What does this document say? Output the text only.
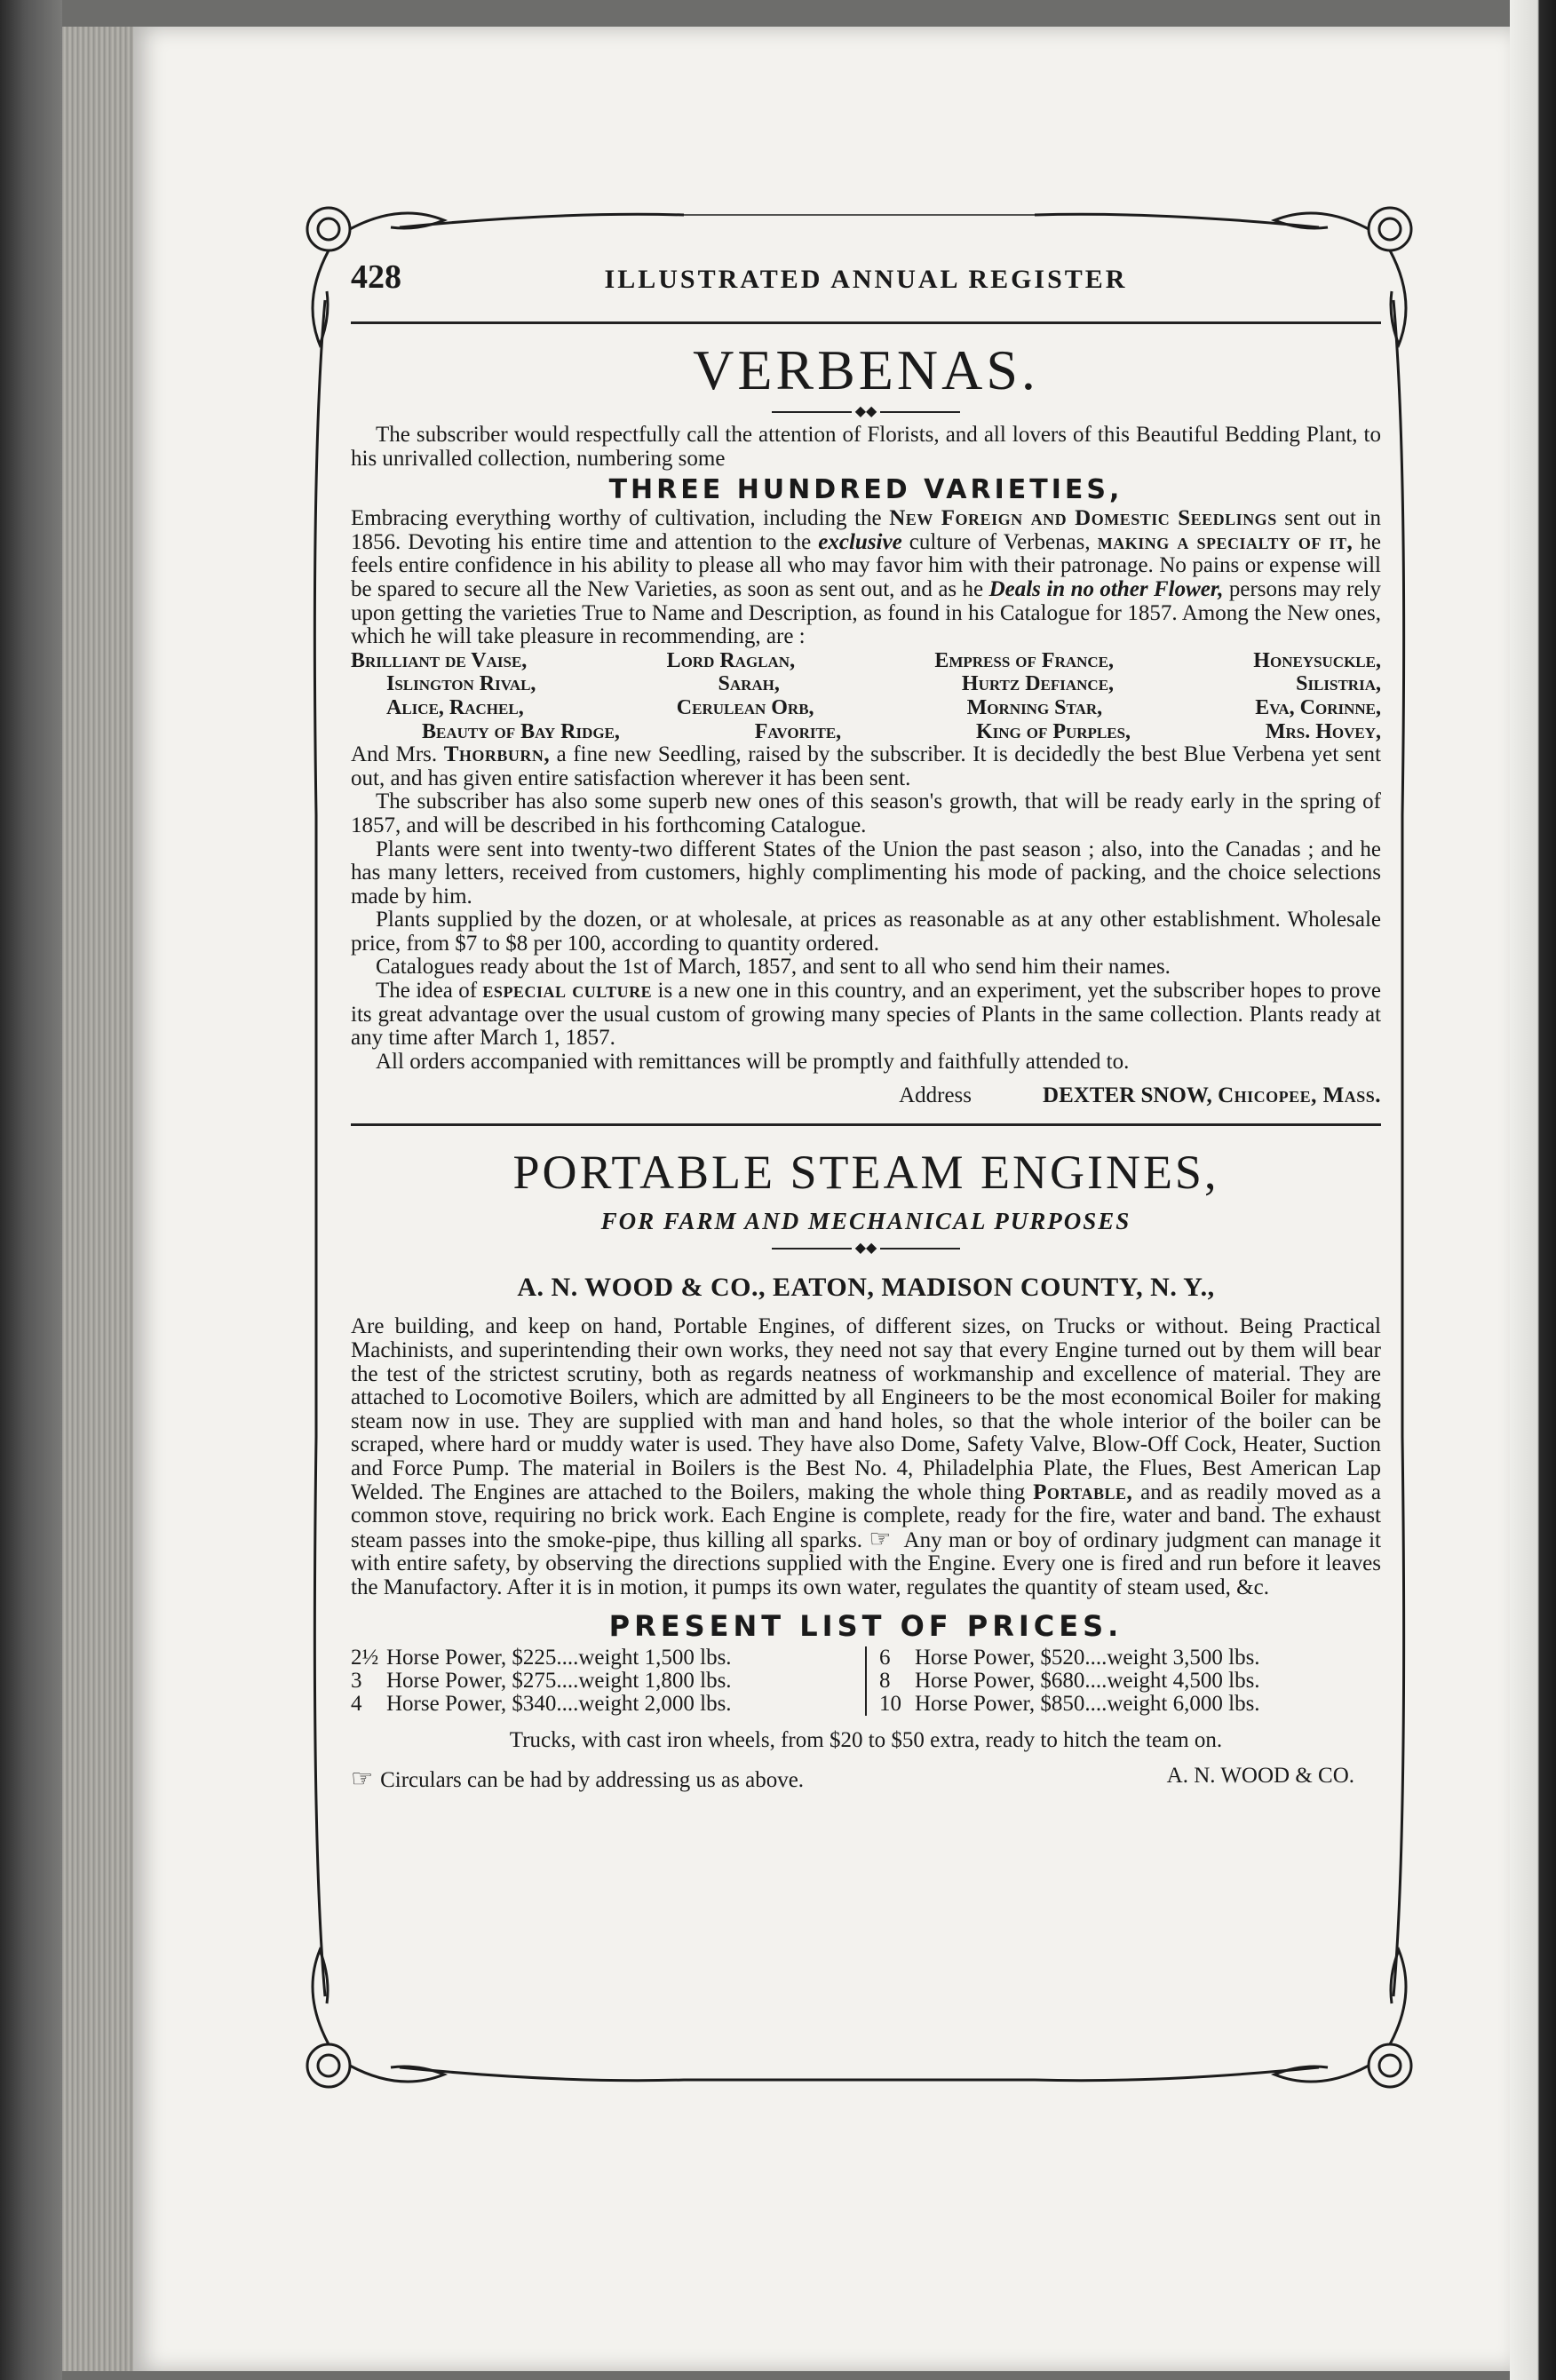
428	ILLUSTRATED ANNUAL REGISTER
VERBENAS.
◆◆

The subscriber would respectfully call the attention of Florists, and all lovers of this Beautiful Bedding Plant, to his unrivalled collection, numbering some

THREE HUNDRED VARIETIES,

Embracing everything worthy of cultivation, including the New Foreign and Domestic Seedlings sent out in 1856. Devoting his entire time and attention to the exclusive culture of Verbenas, making a specialty of it, he feels entire confidence in his ability to please all who may favor him with their patronage. No pains or expense will be spared to secure all the New Varieties, as soon as sent out, and as he Deals in no other Flower, persons may rely upon getting the varieties True to Name and Description, as found in his Catalogue for 1857. Among the New ones, which he will take pleasure in recommending, are :

Brilliant de Vaise,	Lord Raglan,	Empress of France,	Honeysuckle,
Islington Rival,	Sarah,	Hurtz Defiance,	Silistria,
Alice, Rachel,	Cerulean Orb,	Morning Star,	Eva, Corinne,
Beauty of Bay Ridge,	Favorite,	King of Purples,	Mrs. Hovey,

And Mrs. Thorburn, a fine new Seedling, raised by the subscriber. It is decidedly the best Blue Verbena yet sent out, and has given entire satisfaction wherever it has been sent.

The subscriber has also some superb new ones of this season's growth, that will be ready early in the spring of 1857, and will be described in his forthcoming Catalogue.

Plants were sent into twenty-two different States of the Union the past season ; also, into the Canadas ; and he has many letters, received from customers, highly complimenting his mode of packing, and the choice selections made by him.

Plants supplied by the dozen, or at wholesale, at prices as reasonable as at any other establishment. Wholesale price, from $7 to $8 per 100, according to quantity ordered.

Catalogues ready about the 1st of March, 1857, and sent to all who send him their names.

The idea of especial culture is a new one in this country, and an experiment, yet the subscriber hopes to prove its great advantage over the usual custom of growing many species of Plants in the same collection. Plants ready at any time after March 1, 1857.

All orders accompanied with remittances will be promptly and faithfully attended to.

Address	DEXTER SNOW,
Chicopee, Mass.
PORTABLE STEAM ENGINES,
FOR FARM AND MECHANICAL PURPOSES
◆◆
A. N. WOOD & CO., EATON, MADISON COUNTY, N. Y.,

Are building, and keep on hand, Portable Engines, of different sizes, on Trucks or without. Being Practical Machinists, and superintending their own works, they need not say that every Engine turned out by them will bear the test of the strictest scrutiny, both as regards neatness of workmanship and excellence of material. They are attached to Locomotive Boilers, which are admitted by all Engineers to be the most economical Boiler for making steam now in use. They are supplied with man and hand holes, so that the whole interior of the boiler can be scraped, where hard or muddy water is used. They have also Dome, Safety Valve, Blow-Off Cock, Heater, Suction and Force Pump. The material in Boilers is the Best No. 4, Philadelphia Plate, the Flues, Best American Lap Welded. The Engines are attached to the Boilers, making the whole thing Portable, and as readily moved as a common stove, requiring no brick work. Each Engine is complete, ready for the fire, water and band. The exhaust steam passes into the smoke-pipe, thus killing all sparks. ☞ Any man or boy of ordinary judgment can manage it with entire safety, by observing the directions supplied with the Engine. Every one is fired and run before it leaves the Manufactory. After it is in motion, it pumps its own water, regulates the quantity of steam used, &c.

PRESENT LIST OF PRICES.
2½ Horse Power, $225....weight 1,500 lbs.
3	Horse Power, $275....weight 1,800 lbs.
4	Horse Power, $340....weight 2,000 lbs.
6	Horse Power, $520....weight 3,500 lbs.
8	Horse Power, $680....weight 4,500 lbs.
10 Horse Power, $850....weight 6,000 lbs.
Trucks, with cast iron wheels, from $20 to $50 extra, ready to hitch the team on.
☞ Circulars can be had by addressing us as above.	A. N. WOOD & CO.
